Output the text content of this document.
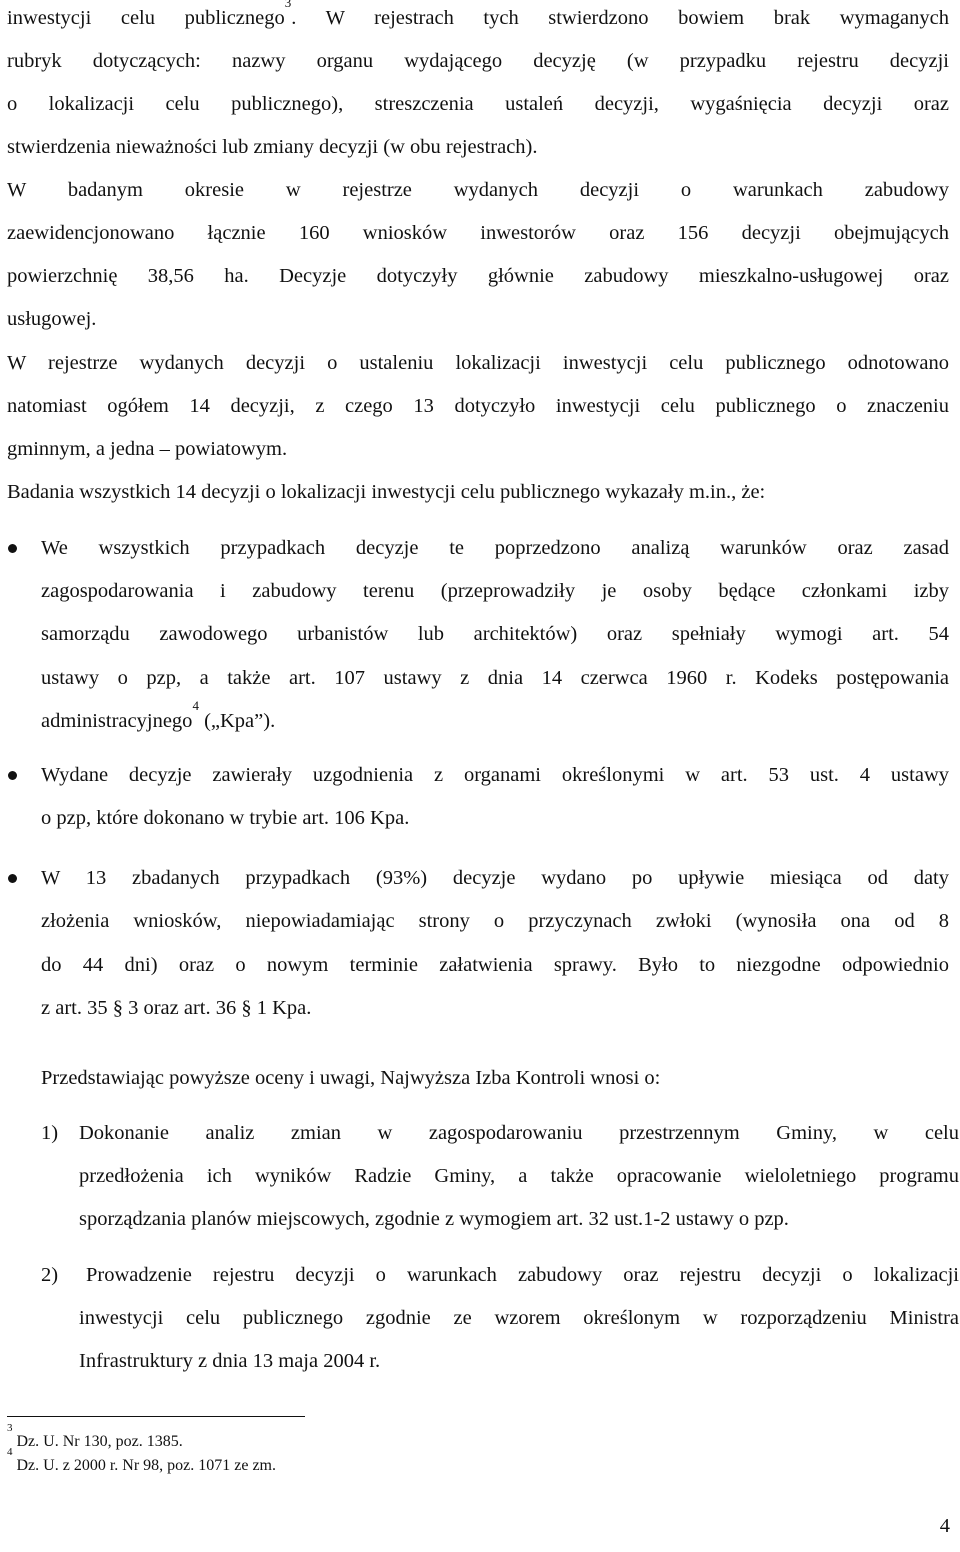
inwestycji celu publicznego$^3$. W rejestrach tych stwierdzono bowiem brak wymaganych
rubryk dotyczących: nazwy organu wydającego decyzję (w przypadku rejestru decyzji
o lokalizacji celu publicznego), streszczenia ustaleń decyzji, wygaśnięcia decyzji oraz
stwierdzenia nieważności lub zmiany decyzji (w obu rejestrach).
W badanym okresie w rejestrze wydanych decyzji o warunkach zabudowy
zaewidencjonowano łącznie 160 wniosków inwestorów oraz 156 decyzji obejmujących
powierzchnię 38,56 ha. Decyzje dotyczyły głównie zabudowy mieszkalno-usługowej oraz
usługowej.
W rejestrze wydanych decyzji o ustaleniu lokalizacji inwestycji celu publicznego odnotowano
natomiast ogółem 14 decyzji, z czego 13 dotyczyło inwestycji celu publicznego o znaczeniu
gminnym, a jedna – powiatowym.
Badania wszystkich 14 decyzji o lokalizacji inwestycji celu publicznego wykazały m.in., że:
We wszystkich przypadkach decyzje te poprzedzono analizą warunków oraz zasad
zagospodarowania i zabudowy terenu (przeprowadziły je osoby będące członkami izby
samorządu zawodowego urbanistów lub architektów) oraz spełniały wymogi art. 54
ustawy o pzp, a także art. 107 ustawy z dnia 14 czerwca 1960 r. Kodeks postępowania
administracyjnego$^4$ („Kpa”).
Wydane decyzje zawierały uzgodnienia z organami określonymi w art. 53 ust. 4 ustawy
o pzp, które dokonano w trybie art. 106 Kpa.
W 13 zbadanych przypadkach (93%) decyzje wydano po upływie miesiąca od daty
złożenia wniosków, niepowiadamiając strony o przyczynach zwłoki (wynosiła ona od 8
do 44 dni) oraz o nowym terminie załatwienia sprawy. Było to niezgodne odpowiednio
z art. 35 § 3 oraz art. 36 § 1 Kpa.
Przedstawiając powyższe oceny i uwagi, Najwyższa Izba Kontroli wnosi o:
1) Dokonanie analiz zmian w zagospodarowaniu przestrzennym Gminy, w celu
przedłożenia ich wyników Radzie Gminy, a także opracowanie wieloletniego programu
sporządzania planów miejscowych, zgodnie z wymogiem art. 32 ust.1-2 ustawy o pzp.
2) Prowadzenie rejestru decyzji o warunkach zabudowy oraz rejestru decyzji o lokalizacji
inwestycji celu publicznego zgodnie ze wzorem określonym w rozporządzeniu Ministra
Infrastruktury z dnia 13 maja 2004 r.
$^3$ Dz. U. Nr 130, poz. 1385.
$^4$ Dz. U. z 2000 r. Nr 98, poz. 1071 ze zm.
4
